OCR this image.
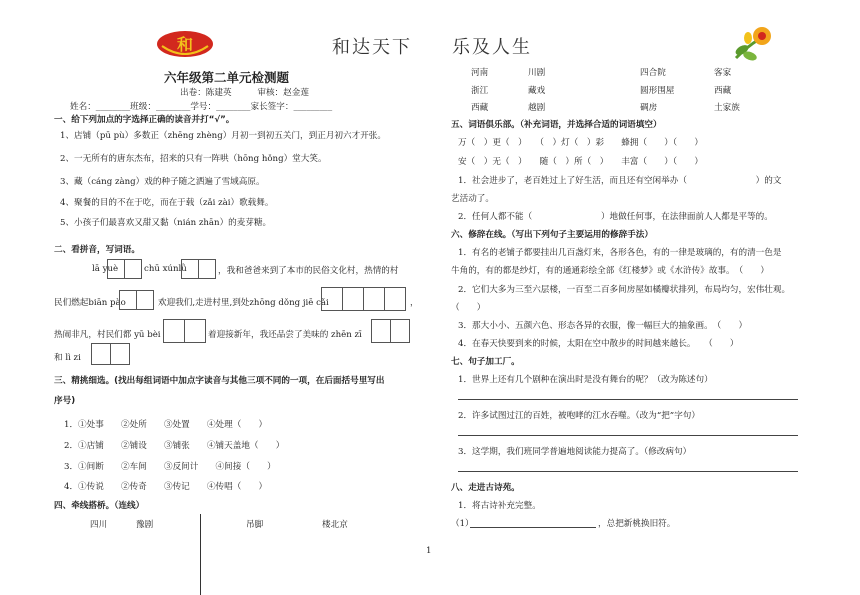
和	和达天下　　乐及人生
六年级第二单元检测题
出卷：陈建英　　　审核：赵金莲
姓名：________班级：________学号：________家长签字：_________
一、给下列加点的字选择正确的读音并打“√”。
1、店铺（pū pù）多数正（zhēng zhèng）月初一到初五关门，到正月初六才开张。
2、一无所有的唐东杰布，招来的只有一阵哄（hōng hǒng）堂大笑。
3、藏（cáng zàng）戏的种子随之洒遍了雪域高原。
4、聚餐的目的不在于吃，而在于载（zǎi zài）歌载舞。
5、小孩子们最喜欢又甜又黏（nián zhān）的麦芽糖。
二、看拼音，写词语。
lā yuè	chū xúnlǜ	，我和爸爸来到了本市的民俗文化村，热情的村
民们燃起biān pào	欢迎我们,走进村里,到处zhōng dǒng jiē cǎi	，
热闹非凡，村民们都 yū bèi	着迎接新年，我还品尝了美味的 zhēn zī
和 lì zi
三、精挑细选。(找出每组词语中加点字读音与其他三项不同的一项，在后面括号里写出
序号)
1．①处事　　②处所　　③处置　　④处理（　　）
2．①店铺　　②铺设　　③铺张　　④铺天盖地（　　）
3．①间断　　②车间　　③反间计　　④间接（　　）
4．①传说　　②传奇　　③传记　　④传唱（　　）
四、牵线搭桥。（连线）
四川	豫剧	吊脚	楼北京
1
河南	川剧	四合院	客家
浙江	藏戏	圆形围屋	西藏
西藏	越剧	碉房	土家族
五、词语俱乐部。（补充词语，并选择合适的词语填空）
万（　）更（　）　　（　）灯（　）彩　　蜂拥（　　）（　　）
安（　）无（　）　　随（　）所（　）　　丰富（　　）（　　）
1．社会进步了，老百姓过上了好生活，而且还有空闲举办（　　　　　　　　）的文
艺活动了。
2．任何人都不能（　　　　　　　　）地做任何事，在法律面前人人都是平等的。
六、修辞在线。（写出下列句子主要运用的修辞手法）
1．有名的老铺子都要挂出几百盏灯来，各形各色，有的一律是玻璃的，有的清一色是
牛角的，有的都是纱灯，有的通通彩绘全部《红楼梦》或《水浒传》故事。　（　　）
2．它们大多为三至六层楼，一百至二百多间房屋如橘瓣状排列，布局均匀，宏伟壮观。
（　　）
3．那大小小、五颜六色、形态各异的衣服，像一幅巨大的抽象画。　（　　）
4．在春天快要到来的时候，太阳在空中散步的时间越来越长。　　（　　）
七、句子加工厂。
1．世界上还有几个剧种在演出时是没有舞台的呢？（改为陈述句）
2．许多试图过江的百姓，被咆哮的江水吞噬。（改为“把”字句）
3．这学期，我们班同学普遍地阅读能力提高了。（修改病句）
八、走进古诗苑。
1．将古诗补充完整。
（1）	，总把新桃换旧符。
